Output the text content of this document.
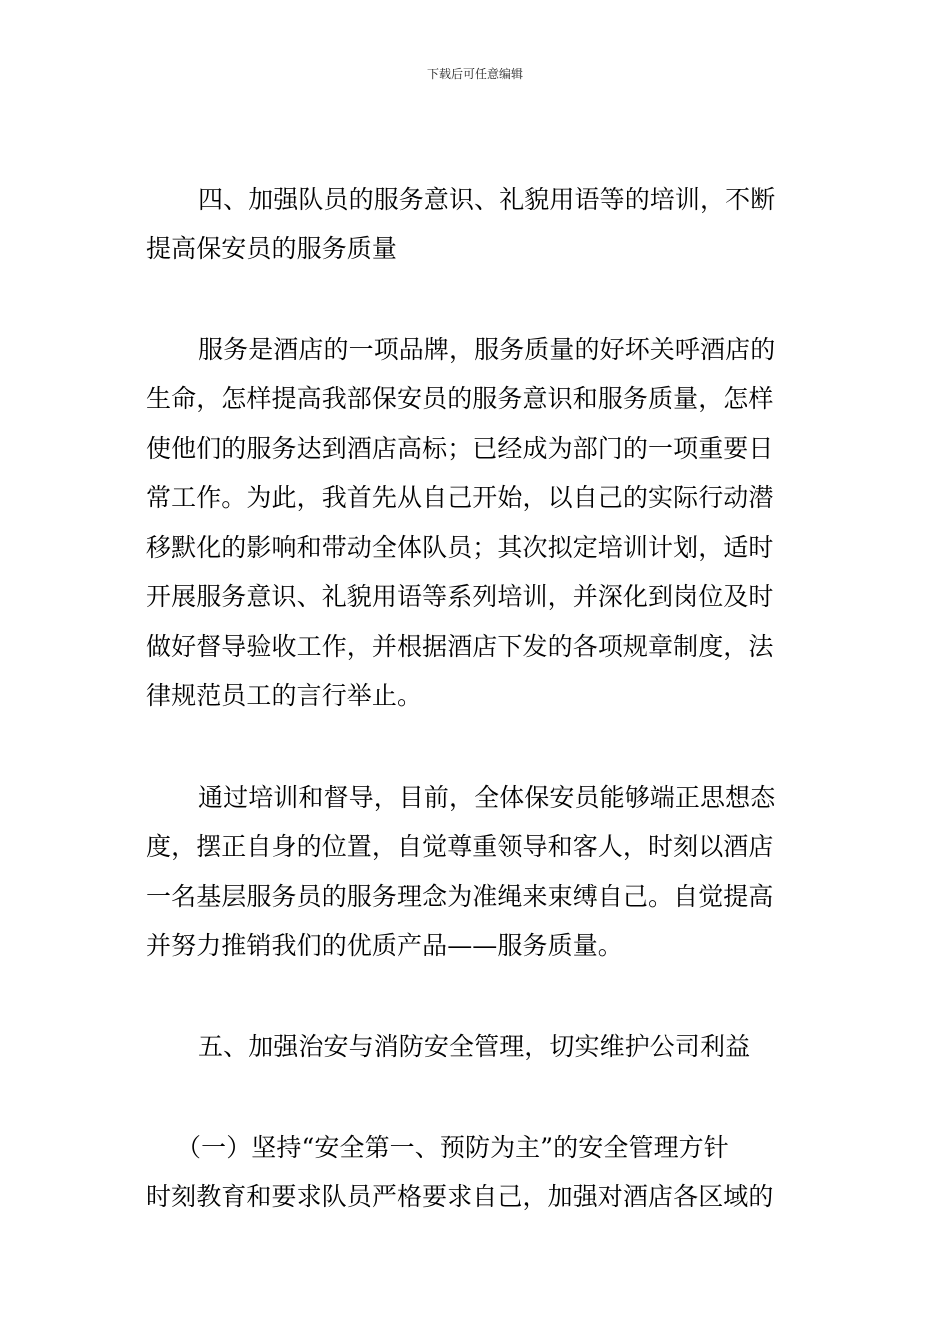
下载后可任意编辑
四、加强队员的服务意识、礼貌用语等的培训，不断
提高保安员的服务质量
服务是酒店的一项品牌，服务质量的好坏关呼酒店的
生命，怎样提高我部保安员的服务意识和服务质量，怎样
使他们的服务达到酒店高标；已经成为部门的一项重要日
常工作。为此，我首先从自己开始，以自己的实际行动潜
移默化的影响和带动全体队员；其次拟定培训计划，适时
开展服务意识、礼貌用语等系列培训，并深化到岗位及时
做好督导验收工作，并根据酒店下发的各项规章制度，法
律规范员工的言行举止。
通过培训和督导，目前，全体保安员能够端正思想态
度，摆正自身的位置，自觉尊重领导和客人，时刻以酒店
一名基层服务员的服务理念为准绳来束缚自己。自觉提高
并努力推销我们的优质产品——服务质量。
五、加强治安与消防安全管理，切实维护公司利益
（一）坚持“安全第一、预防为主”的安全管理方针
时刻教育和要求队员严格要求自己，加强对酒店各区域的
